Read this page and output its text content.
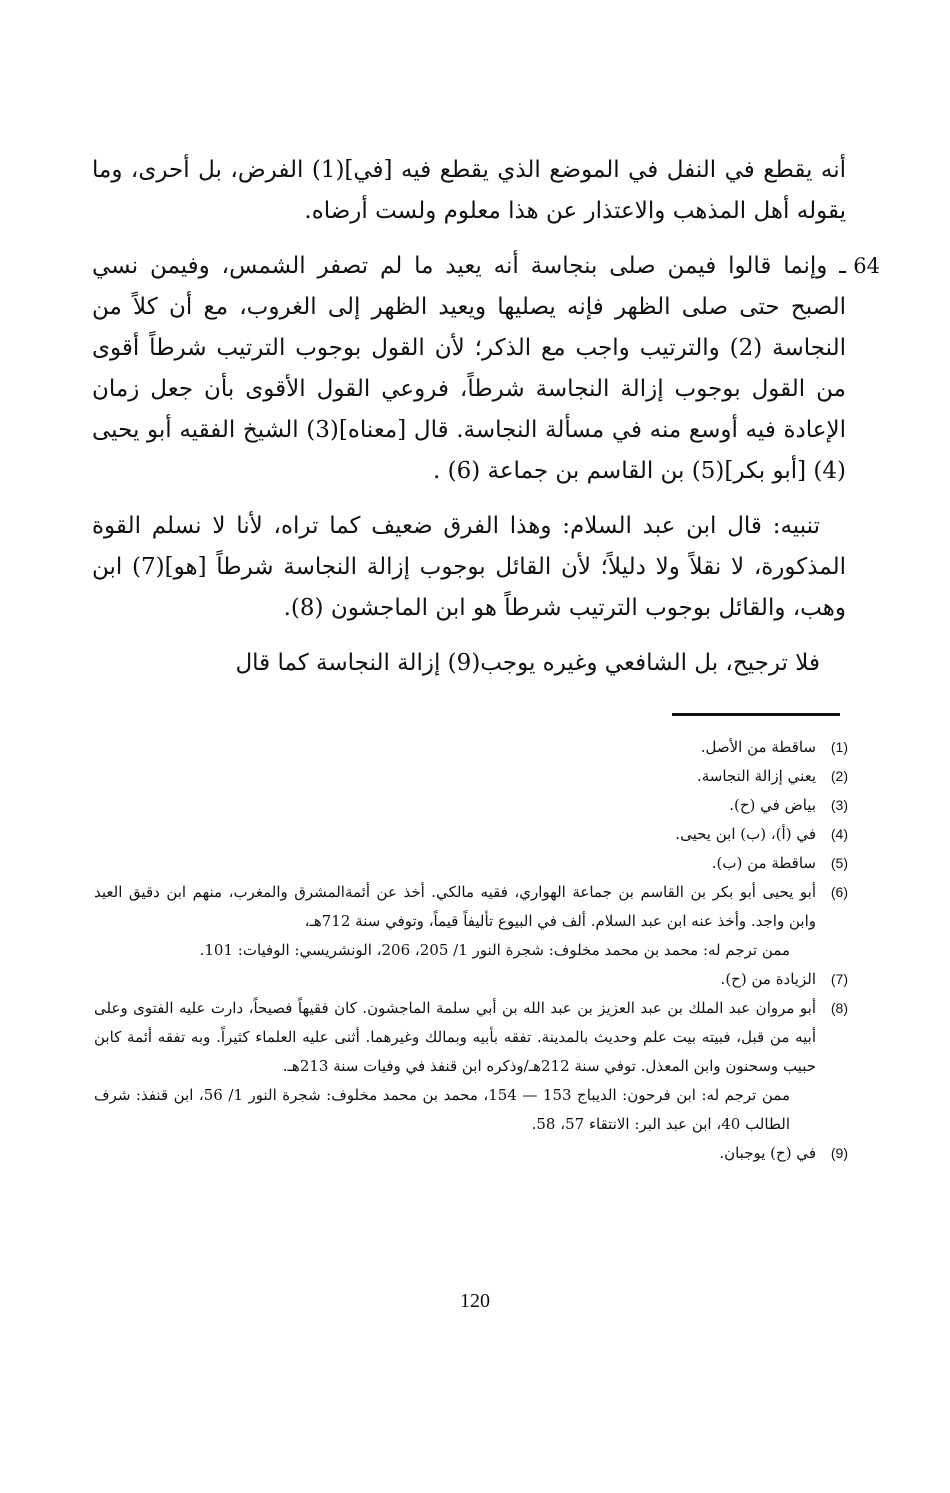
أنه يقطع في النفل في الموضع الذي يقطع فيه [في](1) الفرض، بل أحرى، وما يقوله أهل المذهب والاعتذار عن هذا معلوم ولست أرضاه.

64
ـ وإنما قالوا فيمن صلى بنجاسة أنه يعيد ما لم تصفر الشمس، وفيمن نسي الصبح حتى صلى الظهر فإنه يصليها ويعيد الظهر إلى الغروب، مع أن كلاً من النجاسة (2) والترتيب واجب مع الذكر؛ لأن القول بوجوب الترتيب شرطاً أقوى من القول بوجوب إزالة النجاسة شرطاً، فروعي القول الأقوى بأن جعل زمان الإعادة فيه أوسع منه في مسألة النجاسة. قال [معناه](3) الشيخ الفقيه أبو يحيى (4) [أبو بكر](5) بن القاسم بن جماعة (6) .

تنبيه: قال ابن عبد السلام: وهذا الفرق ضعيف كما تراه، لأنا لا نسلم القوة المذكورة، لا نقلاً ولا دليلاً؛ لأن القائل بوجوب إزالة النجاسة شرطاً [هو](7) ابن وهب، والقائل بوجوب الترتيب شرطاً هو ابن الماجشون (8).

فلا ترجيح، بل الشافعي وغيره يوجب(9) إزالة النجاسة كما قال

(1)
ساقطة من الأصل.
(2)
يعني إزالة النجاسة.
(3)
بياض في (ح).
(4)
في (أ)، (ب) ابن يحيى.
(5)
ساقطة من (ب).
(6)
أبو يحيى أبو بكر بن القاسم بن جماعة الهواري، فقيه مالكي. أخذ عن أئمةالمشرق والمغرب، منهم ابن دقيق العيد وابن واجد. وأخذ عنه ابن عبد السلام. ألف في البيوع تأليفاً قيماً، وتوفي سنة 712هـ،
ممن ترجم له: محمد بن محمد مخلوف: شجرة النور 1/ 205، 206، الونشريسي: الوفيات: 101.
(7)
الزيادة من (ح).
(8)
أبو مروان عبد الملك بن عبد العزيز بن عبد الله بن أبي سلمة الماجشون. كان فقيهاً فصيحاً، دارت عليه الفتوى وعلى أبيه من قبل، فبيته بيت علم وحديث بالمدينة. تفقه بأبيه وبمالك وغيرهما. أثنى عليه العلماء كثيراً. وبه تفقه أئمة كابن حبيب وسحنون وابن المعذل. توفي سنة 212هـ/وذكره ابن قنفذ في وفيات سنة 213هـ.
ممن ترجم له: ابن فرحون: الديباج 153 — 154، محمد بن محمد مخلوف: شجرة النور 1/ 56، ابن قنفذ: شرف الطالب 40، ابن عبد البر: الانتقاء 57، 58.
(9)
في (ح) يوجبان.
120
